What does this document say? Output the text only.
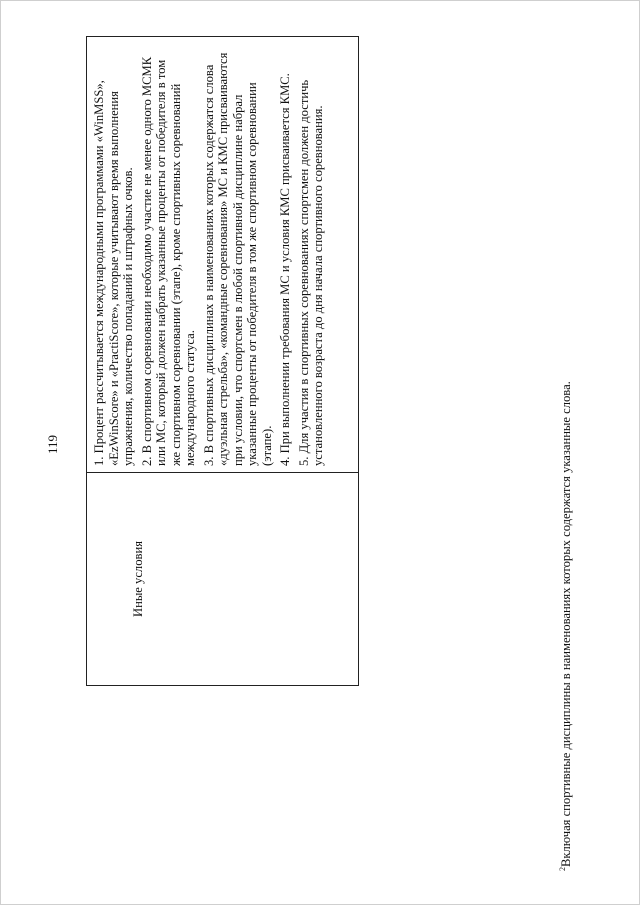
119
Иные условия	

1. Процент рассчитывается международными программами «WinMSS», «EzWinScore» и «PractiScore», которые учитывают время выполнения упражнения, количество попаданий и штрафных очков. 2. В спортивном соревновании необходимо участие не менее одного МСМК или МС, который должен набрать указанные проценты от победителя в том же спортивном соревновании (этапе), кроме спортивных соревнований международного статуса. 3. В спортивных дисциплинах в наименованиях которых содержатся слова «дуэльная стрельба», «командные соревнования» МС и КМС присваиваются при условии, что спортсмен в любой спортивной дисциплине набрал указанные проценты от победителя в том же спортивном соревновании (этапе). 4. При выполнении требования МС и условия КМС присваивается КМС. 5. Для участия в спортивных соревнованиях спортсмен должен достичь установленного возраста до дня начала спортивного соревнования.

$^2$Включая спортивные дисциплины в наименованиях которых содержатся указанные слова.
